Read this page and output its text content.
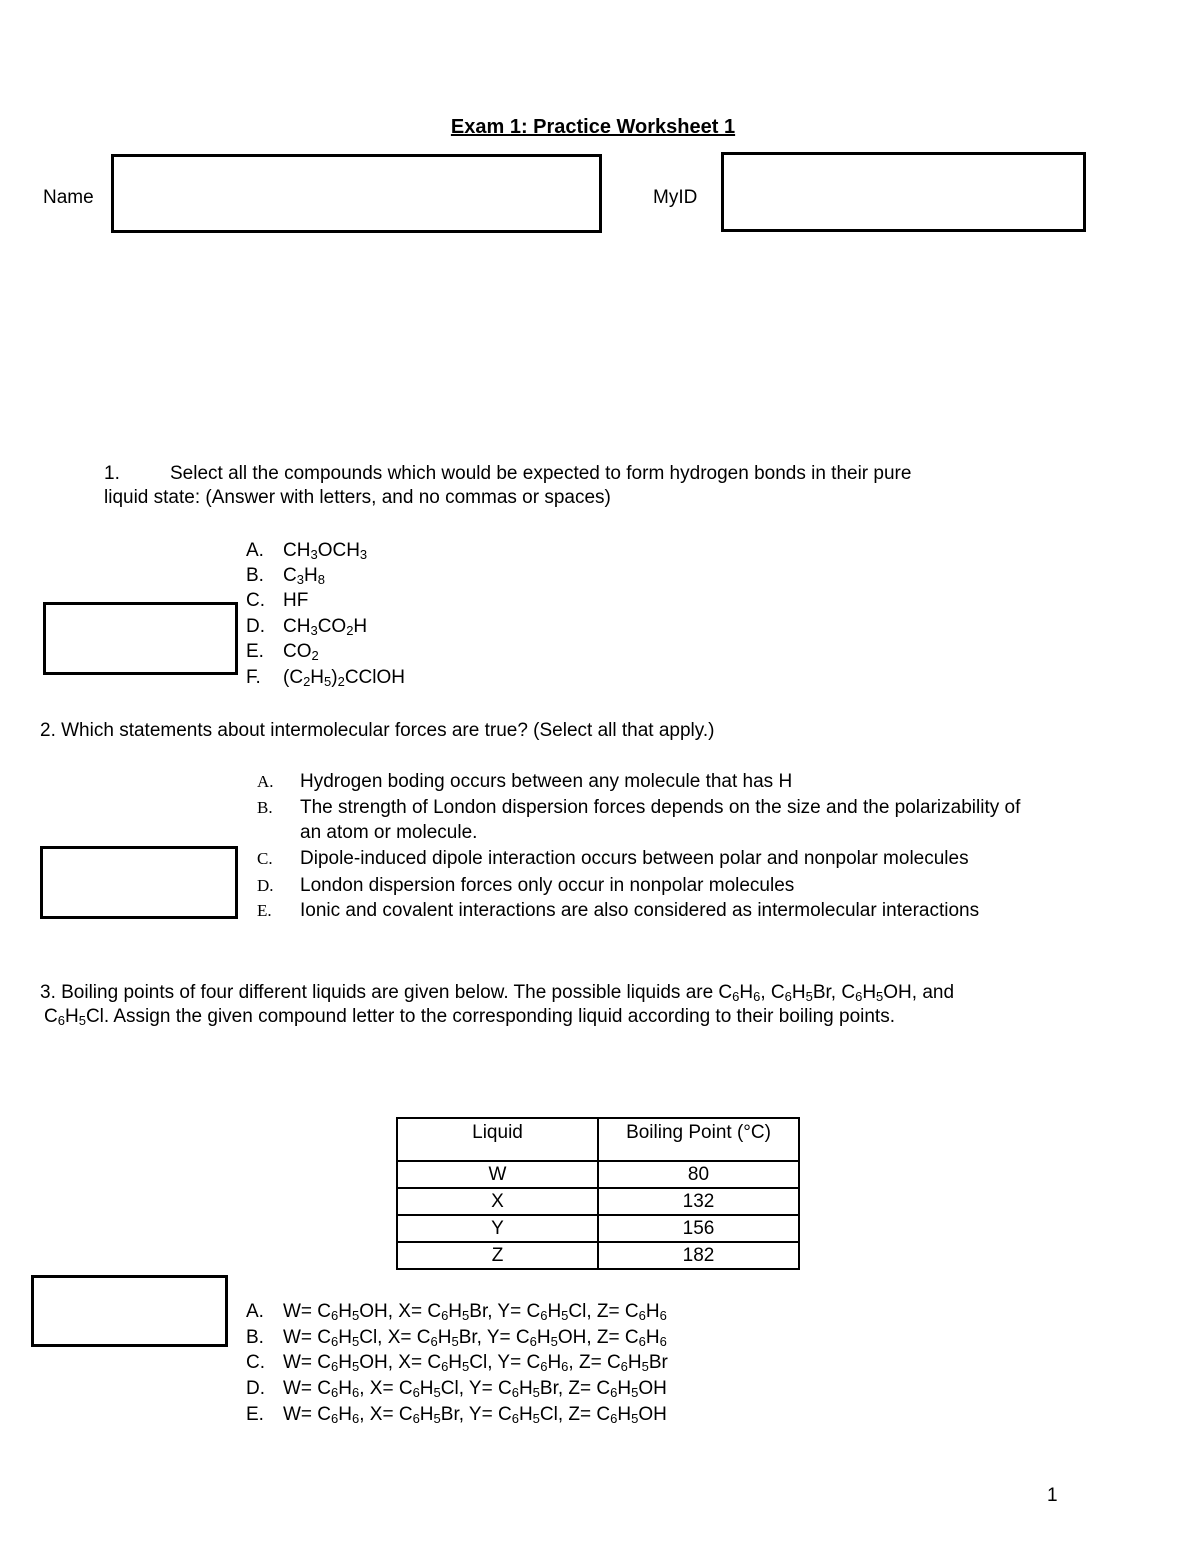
Exam 1: Practice Worksheet 1
Name	MyID
1.	Select all the compounds which would be expected to form hydrogen bonds in their pure
liquid state: (Answer with letters, and no commas or spaces)
A. $CH_3OCH_3$
B. $C_3H_8$
C. HF
D. $CH_3CO_2H$
E. $CO_2$
F. $(C_2H_5)_2CClOH$
2. Which statements about intermolecular forces are true? (Select all that apply.)
A. Hydrogen boding occurs between any molecule that has H
B. The strength of London dispersion forces depends on the size and the polarizability of
an atom or molecule.
C. Dipole-induced dipole interaction occurs between polar and nonpolar molecules
D. London dispersion forces only occur in nonpolar molecules
E. Ionic and covalent interactions are also considered as intermolecular interactions
3. Boiling points of four different liquids are given below. The possible liquids are $C_6H_6$, $C_6H_5Br$, $C_6H_5OH$, and
$C_6H_5Cl$. Assign the given compound letter to the corresponding liquid according to their boiling points.
Liquid	Boiling Point (°C)
W	80
X	132
Y	156
Z	182
A. $W= C_6H_5OH$, $X= C_6H_5Br$, $Y= C_6H_5Cl$, $Z= C_6H_6$
B. $W= C_6H_5Cl$, $X= C_6H_5Br$, $Y= C_6H_5OH$, $Z= C_6H_6$
C. $W= C_6H_5OH$, $X= C_6H_5Cl$, $Y= C_6H_6$, $Z= C_6H_5Br$
D. $W= C_6H_6$, $X= C_6H_5Cl$, $Y= C_6H_5Br$, $Z= C_6H_5OH$
E. $W= C_6H_6$, $X= C_6H_5Br$, $Y= C_6H_5Cl$, $Z= C_6H_5OH$
1
